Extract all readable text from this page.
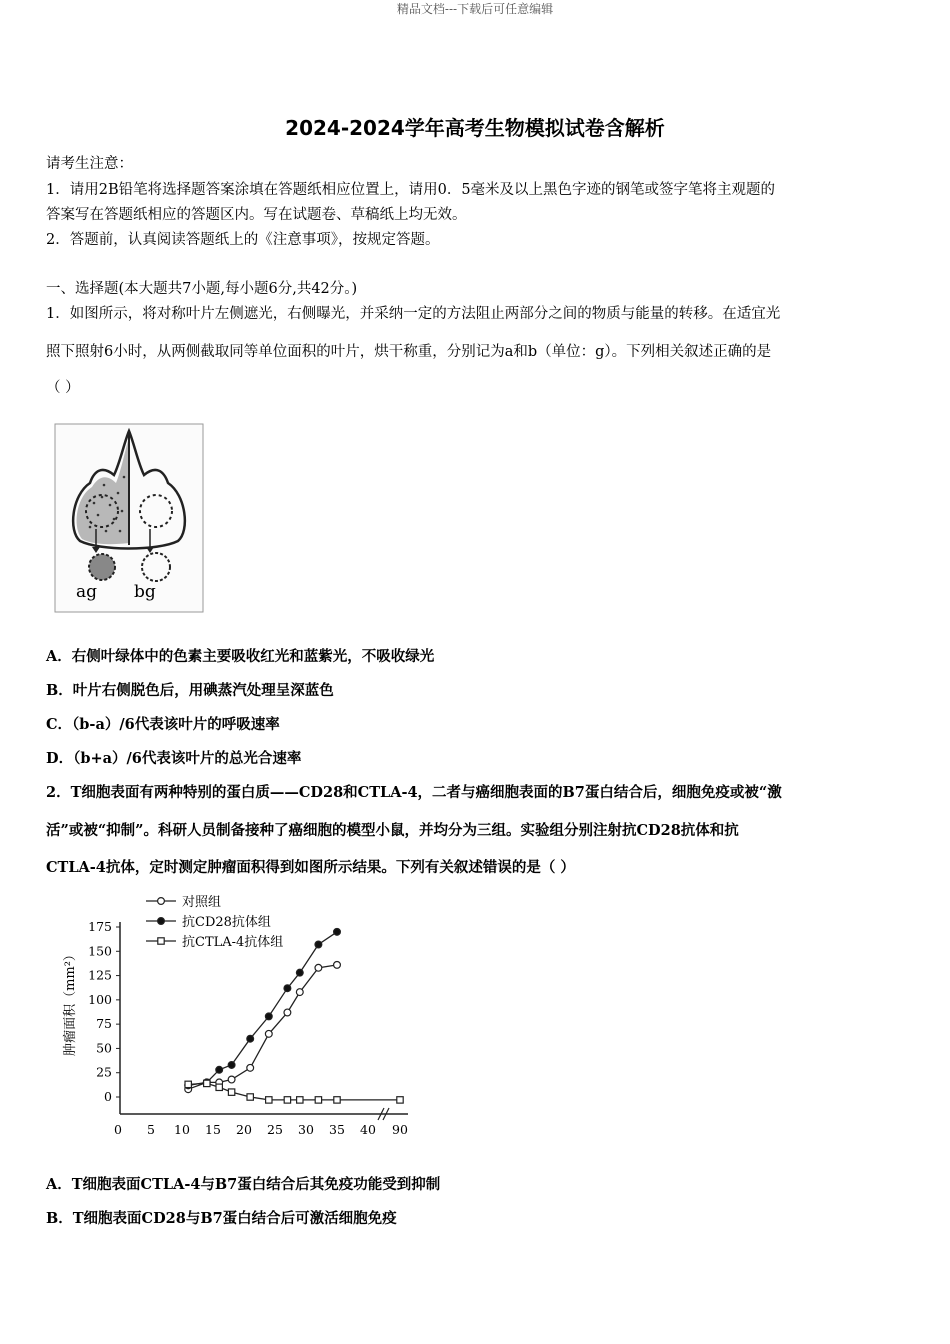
精品文档---下载后可任意编辑
2024-2024学年高考生物模拟试卷含解析
请考生注意：
1．请用2B铅笔将选择题答案涂填在答题纸相应位置上，请用0．5毫米及以上黑色字迹的钢笔或签字笔将主观题的
答案写在答题纸相应的答题区内。写在试题卷、草稿纸上均无效。
2．答题前，认真阅读答题纸上的《注意事项》，按规定答题。
一、选择题(本大题共7小题,每小题6分,共42分。)
1．如图所示，将对称叶片左侧遮光，右侧曝光，并采纳一定的方法阻止两部分之间的物质与能量的转移。在适宜光
照下照射6小时，从两侧截取同等单位面积的叶片，烘干称重，分别记为a和b（单位：g）。下列相关叙述正确的是
（ ）
ag bg
A．右侧叶绿体中的色素主要吸收红光和蓝紫光，不吸收绿光
B．叶片右侧脱色后，用碘蒸汽处理呈深蓝色
C．（b-a）/6代表该叶片的呼吸速率
D．（b+a）/6代表该叶片的总光合速率
2．T细胞表面有两种特别的蛋白质——CD28和CTLA-4，二者与癌细胞表面的B7蛋白结合后，细胞免疫或被“激
活”或被“抑制”。科研人员制备接种了癌细胞的模型小鼠，并均分为三组。实验组分别注射抗CD28抗体和抗
CTLA-4抗体，定时测定肿瘤面积得到如图所示结果。下列有关叙述错误的是（ ）
0
25
50
75
100
125
150
175
0 5 10 15 20 25 30 35 40 90
对照组
抗CD28抗体组
抗CTLA-4抗体组
肿瘤面积（mm²）
A．T细胞表面CTLA-4与B7蛋白结合后其免疫功能受到抑制
B．T细胞表面CD28与B7蛋白结合后可激活细胞免疫
